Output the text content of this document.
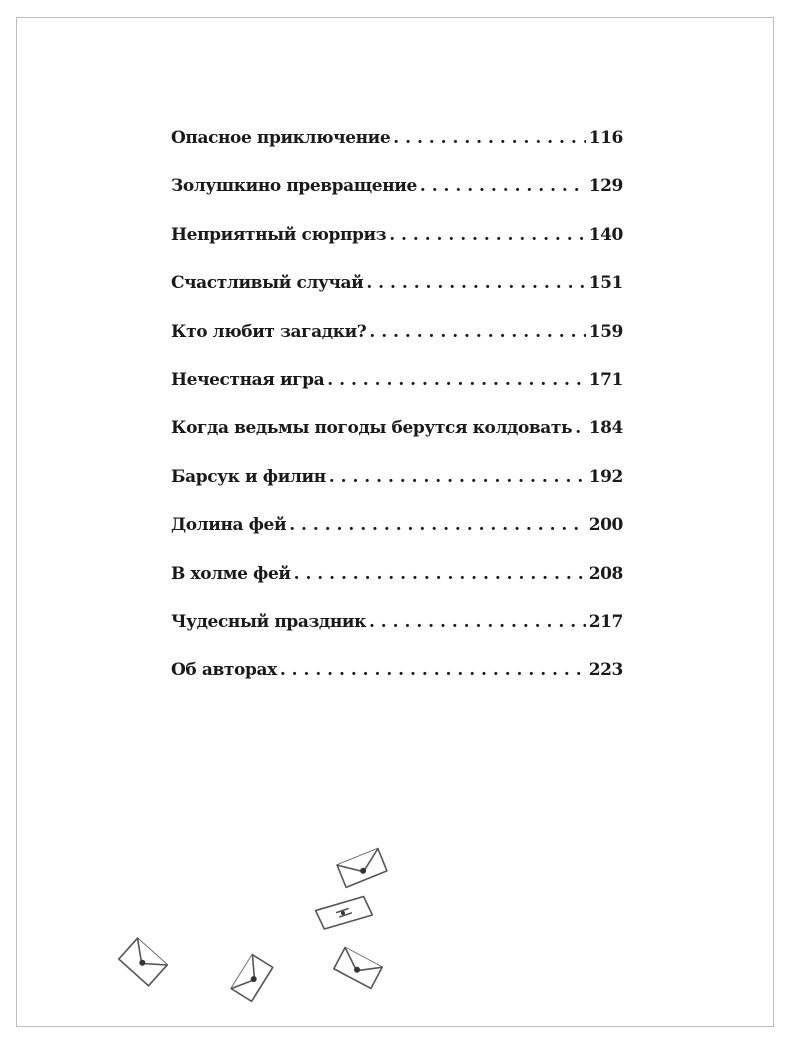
Опасное приключение . . .	116
Золушкино превращение . . .	129
Неприятный сюрприз . . .	140
Счастливый случай . . .	151
Кто любит загадки? . . .	159
Нечестная игра . . .	171
Когда ведьмы погоды берутся колдовать . . . 184
Барсук и филин . . .	192
Долина фей . . .	200
В холме фей . . .	208
Чудесный праздник . . .	217
Об авторах . . .	223
